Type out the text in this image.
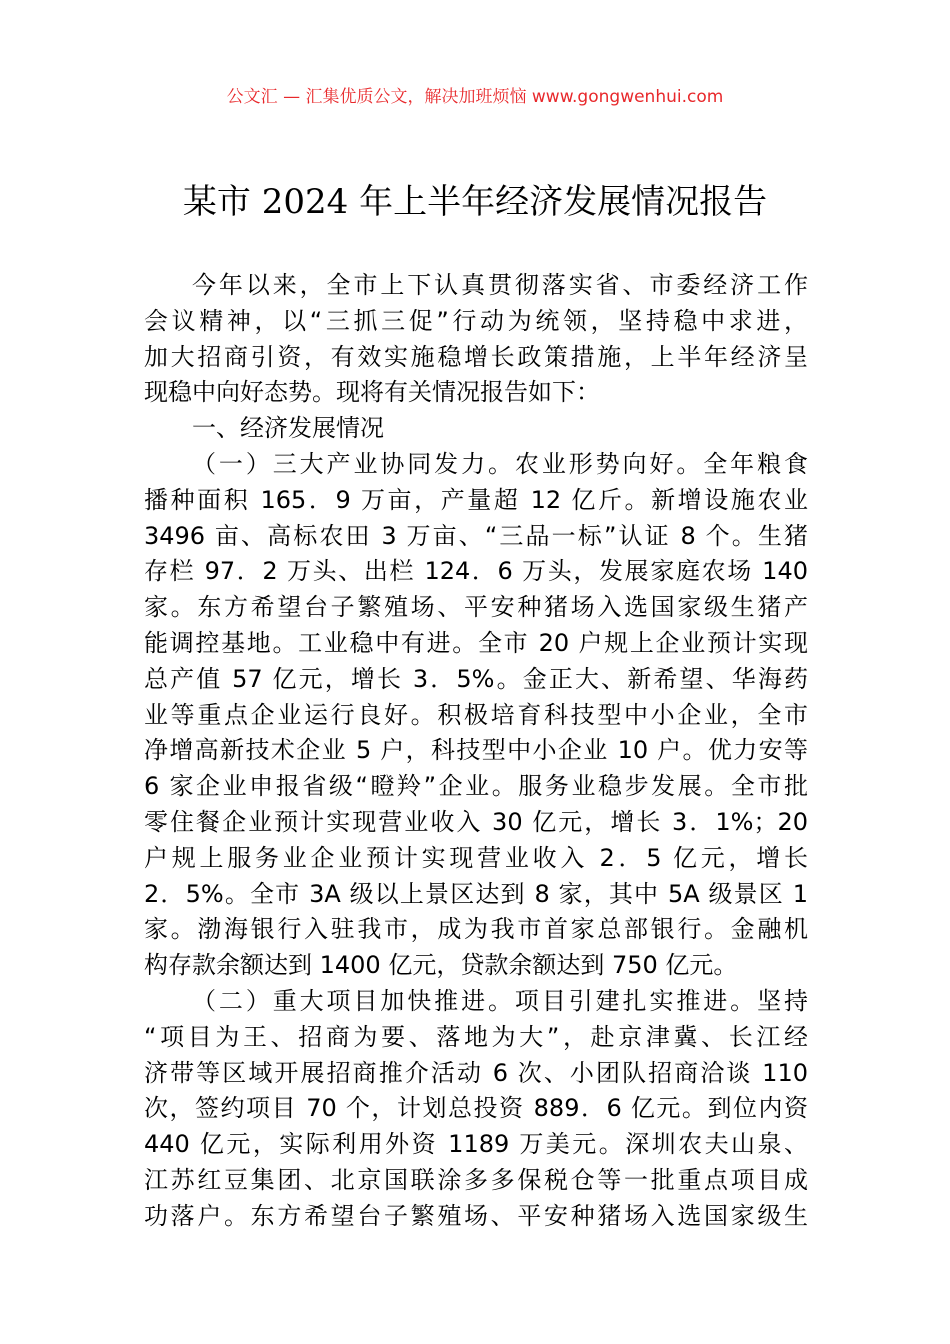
公文汇 — 汇集优质公文，解决加班烦恼 www.gongwenhui.com
某市 2024 年上半年经济发展情况报告
今年以来，全市上下认真贯彻落实省、市委经济工作
会议精神，以“三抓三促”行动为统领，坚持稳中求进，
加大招商引资，有效实施稳增长政策措施，上半年经济呈
现稳中向好态势。现将有关情况报告如下：
一、经济发展情况
（一）三大产业协同发力。农业形势向好。全年粮食
播种面积 165．9 万亩，产量超 12 亿斤。新增设施农业
3496 亩、高标农田 3 万亩、“三品一标”认证 8 个。生猪
存栏 97．2 万头、出栏 124．6 万头，发展家庭农场 140
家。东方希望台子繁殖场、平安种猪场入选国家级生猪产
能调控基地。工业稳中有进。全市 20 户规上企业预计实现
总产值 57 亿元，增长 3．5%。金正大、新希望、华海药
业等重点企业运行良好。积极培育科技型中小企业，全市
净增高新技术企业 5 户，科技型中小企业 10 户。优力安等
6 家企业申报省级“瞪羚”企业。服务业稳步发展。全市批
零住餐企业预计实现营业收入 30 亿元，增长 3．1%；20
户规上服务业企业预计实现营业收入 2．5 亿元，增长
2．5%。全市 3A 级以上景区达到 8 家，其中 5A 级景区 1
家。渤海银行入驻我市，成为我市首家总部银行。金融机
构存款余额达到 1400 亿元，贷款余额达到 750 亿元。
（二）重大项目加快推进。项目引建扎实推进。坚持
“项目为王、招商为要、落地为大”，赴京津冀、长江经
济带等区域开展招商推介活动 6 次、小团队招商洽谈 110
次，签约项目 70 个，计划总投资 889．6 亿元。到位内资
440 亿元，实际利用外资 1189 万美元。深圳农夫山泉、
江苏红豆集团、北京国联涂多多保税仓等一批重点项目成
功落户。东方希望台子繁殖场、平安种猪场入选国家级生
